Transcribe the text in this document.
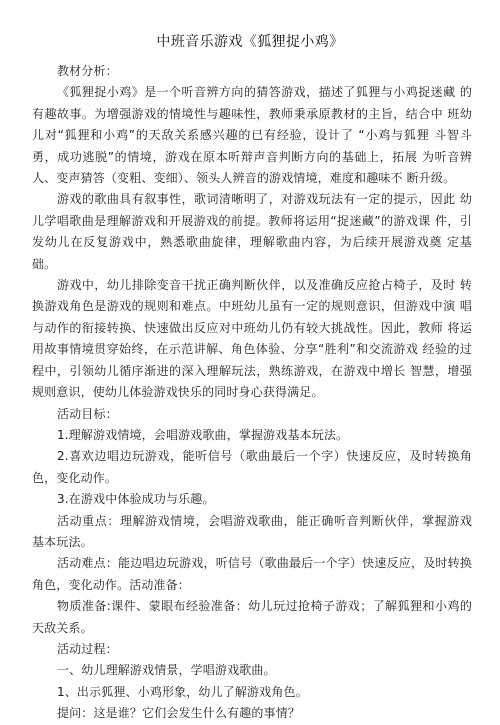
中班音乐游戏《狐狸捉小鸡》

教材分析：

《狐狸捉小鸡》是一个听音辨方向的猜答游戏，描述了狐狸与小鸡捉迷藏 的有趣故事。为增强游戏的情境性与趣味性，教师秉承原教材的主旨，结合中 班幼儿对“狐狸和小鸡”的天敌关系感兴趣的已有经验，设计了 “小鸡与狐狸 斗智斗勇，成功逃脱”的情境，游戏在原本听辩声音判断方向的基础上，拓展 为听音辨人、变声猜答（变粗、变细）、领头人辨音的游戏情境，难度和趣味不 断升级。

游戏的歌曲具有叙事性，歌词清晰明了，对游戏玩法有一定的提示，因此 幼儿学唱歌曲是理解游戏和开展游戏的前提。教师将运用“捉迷藏”的游戏课 件，引发幼儿在反复游戏中，熟悉歌曲旋律，理解歌曲内容，为后续开展游戏奠 定基础。

游戏中，幼儿排除变音干扰正确判断伙伴，以及准确反应抢占椅子，及时 转换游戏角色是游戏的规则和难点。中班幼儿虽有一定的规则意识，但游戏中演 唱与动作的衔接转换、快速做出反应对中班幼儿仍有较大挑战性。因此，教师 将运用故事情境贯穿始终，在示范讲解、角色体验、分享“胜利”和交流游戏 经验的过程中，引领幼儿循序渐进的深入理解玩法，熟练游戏，在游戏中增长 智慧，增强规则意识，使幼儿体验游戏快乐的同时身心获得满足。

活动目标：

1.理解游戏情境，会唱游戏歌曲，掌握游戏基本玩法。

2.喜欢边唱边玩游戏，能听信号（歌曲最后一个字）快速反应，及时转换角色，变化动作。

3.在游戏中体验成功与乐趣。

活动重点：理解游戏情境，会唱游戏歌曲，能正确听音判断伙伴，掌握游戏 基本玩法。

活动难点：能边唱边玩游戏，听信号（歌曲最后一个字）快速反应，及时转换角色，变化动作。活动准备：

物质准备:课件、蒙眼布经验准备：幼儿玩过抢椅子游戏；了解狐狸和小鸡的天敌关系。

活动过程：

一、幼儿理解游戏情景，学唱游戏歌曲。

1、出示狐狸、小鸡形象，幼儿了解游戏角色。

提问：这是谁？它们会发生什么有趣的事情？
